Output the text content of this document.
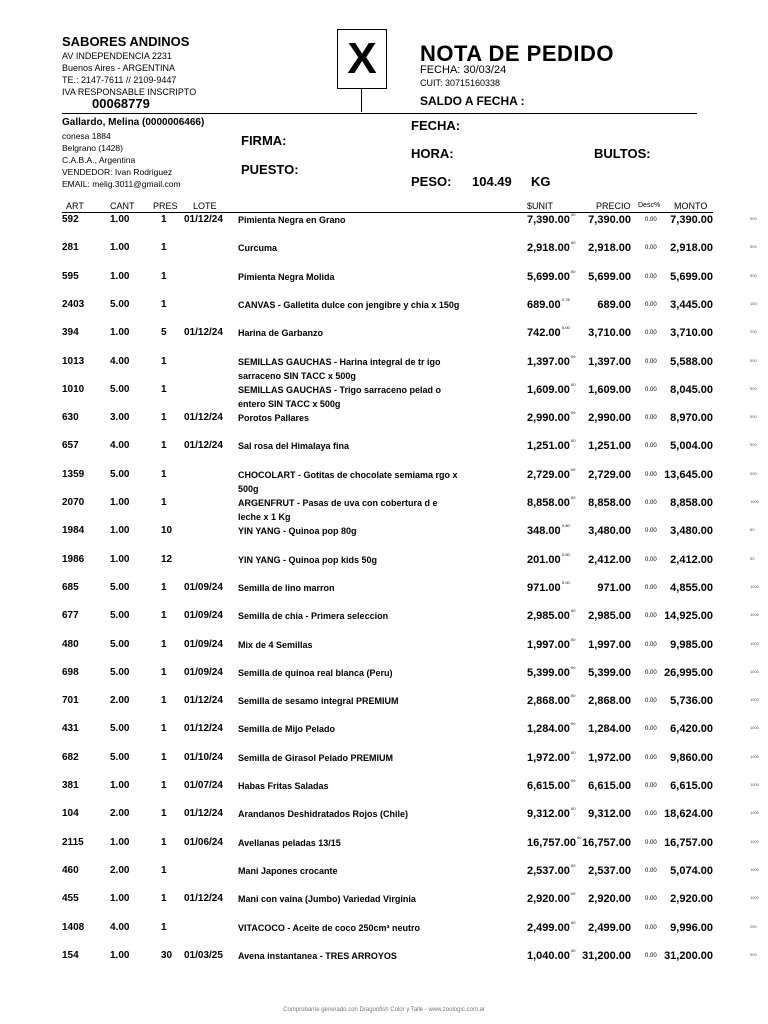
SABORES ANDINOS
AV INDEPENDENCIA 2231
Buenos Aires - ARGENTINA
TE.: 2147-7611 // 2109-9447
IVA RESPONSABLE INSCRIPTO
00068779
X	NOTA DE PEDIDO
FECHA: 30/03/24
CUIT: 30715160338
SALDO A FECHA :
Gallardo, Melina (0000006466)
conesa 1884
Belgrano (1428)
C.A.B.A., Argentina
VENDEDOR: Ivan Rodriguez
EMAIL: melig.3011@gmail.com
FIRMA:
PUESTO:
FECHA:
HORA:	BULTOS:
PESO: 104.49 KG
ART	CANT PRES LOTE	$UNIT	PRECIO Desc% MONTO
592	1.00	1 01/12/24 Pimienta Negra en Grano	7,390.00 00 7,390.00 0.00 7,390.00	500
281	1.00	1	Curcuma	2,918.00 00 2,918.00 0.00 2,918.00	500
595	1.00	1	Pimienta Negra Molida	5,699.00 00 5,699.00 0.00 5,699.00	500
2403	5.00	1	CANVAS - Galletita dulce con jengibre y chia x 150g	689.00 0.76	689.00 0.00 3,445.00	150
394	1.00	5 01/12/24 Harina de Garbanzo	742.00 5.00 3,710.00 0.00 3,710.00	200
1013	4.00	1	SEMILLAS GAUCHAS - Harina integral de tr igo sarraceno SIN TACC x 500g
1,397.00 00 1,397.00 0.00 5,588.00	500
1010	5.00	1	SEMILLAS GAUCHAS - Trigo sarraceno pelad o entero SIN TACC x 500g
1,609.00 00 1,609.00 0.00 8,045.00	500
630	3.00	1 01/12/24 Porotos Pallares	2,990.00 00 2,990.00 0.00 8,970.00	500
657	4.00	1 01/12/24 Sal rosa del Himalaya fina	1,251.00 00 1,251.00 0.00 5,004.00	500
1359	5.00	1	CHOCOLART - Gotitas de chocolate semiama rgo x 500g
2,729.00 00 2,729.00 0.00 13,645.00	500
2070	1.00	1	ARGENFRUT - Pasas de uva con cobertura d e leche x 1 Kg
8,858.00 00 8,858.00 0.00 8,858.00	1000
1984	1.00	10	YIN YANG - Quinoa pop 80g	348.00 0.80 3,480.00 0.00 3,480.00	80
1986	1.00	12	YIN YANG - Quinoa pop kids 50g	201.00 0.60 2,412.00 0.00 2,412.00	50
685	5.00	1 01/09/24 Semilla de lino marron	971.00 5.00	971.00 0.00 4,855.00	1000
677	5.00	1 01/09/24 Semilla de chia - Primera seleccion	2,985.00 00 2,985.00 0.00 14,925.00	1000
480	5.00	1 01/09/24 Mix de 4 Semillas	1,997.00 00 1,997.00 0.00 9,985.00	1000
698	5.00	1 01/09/24 Semilla de quinoa real blanca (Peru)	5,399.00 00 5,399.00 0.00 26,995.00	1000
701	2.00	1 01/12/24 Semilla de sesamo integral PREMIUM	2,868.00 00 2,868.00 0.00 5,736.00	1000
431	5.00	1 01/12/24 Semilla de Mijo Pelado	1,284.00 00 1,284.00 0.00 6,420.00	1000
682	5.00	1 01/10/24 Semilla de Girasol Pelado PREMIUM	1,972.00 00 1,972.00 0.00 9,860.00	1000
381	1.00	1 01/07/24 Habas Fritas Saladas	6,615.00 00 6,615.00 0.00 6,615.00	1000
104	2.00	1 01/12/24 Arandanos Deshidratados Rojos (Chile)	9,312.00 00 9,312.00 0.00 18,624.00	1000
2115	1.00	1 01/06/24 Avellanas peladas 13/15	16,757.00 00 16,757.00 0.00 16,757.00	1000
460	2.00	1	Mani Japones crocante	2,537.00 00 2,537.00 0.00 5,074.00	1000
455	1.00	1 01/12/24 Mani con vaina (Jumbo) Variedad Virginia	2,920.00 00 2,920.00 0.00 2,920.00	1000
1408	4.00	1	VITACOCO - Aceite de coco 250cm³ neutro	2,499.00 00 2,499.00 0.00 9,996.00	250
154	1.00	30 01/03/25 Avena instantanea - TRES ARROYOS	1,040.00 00 31,200.00 0.00 31,200.00	500
Comprobante generado con Dragonfish Color y Talle - www.zoologic.com.ar
